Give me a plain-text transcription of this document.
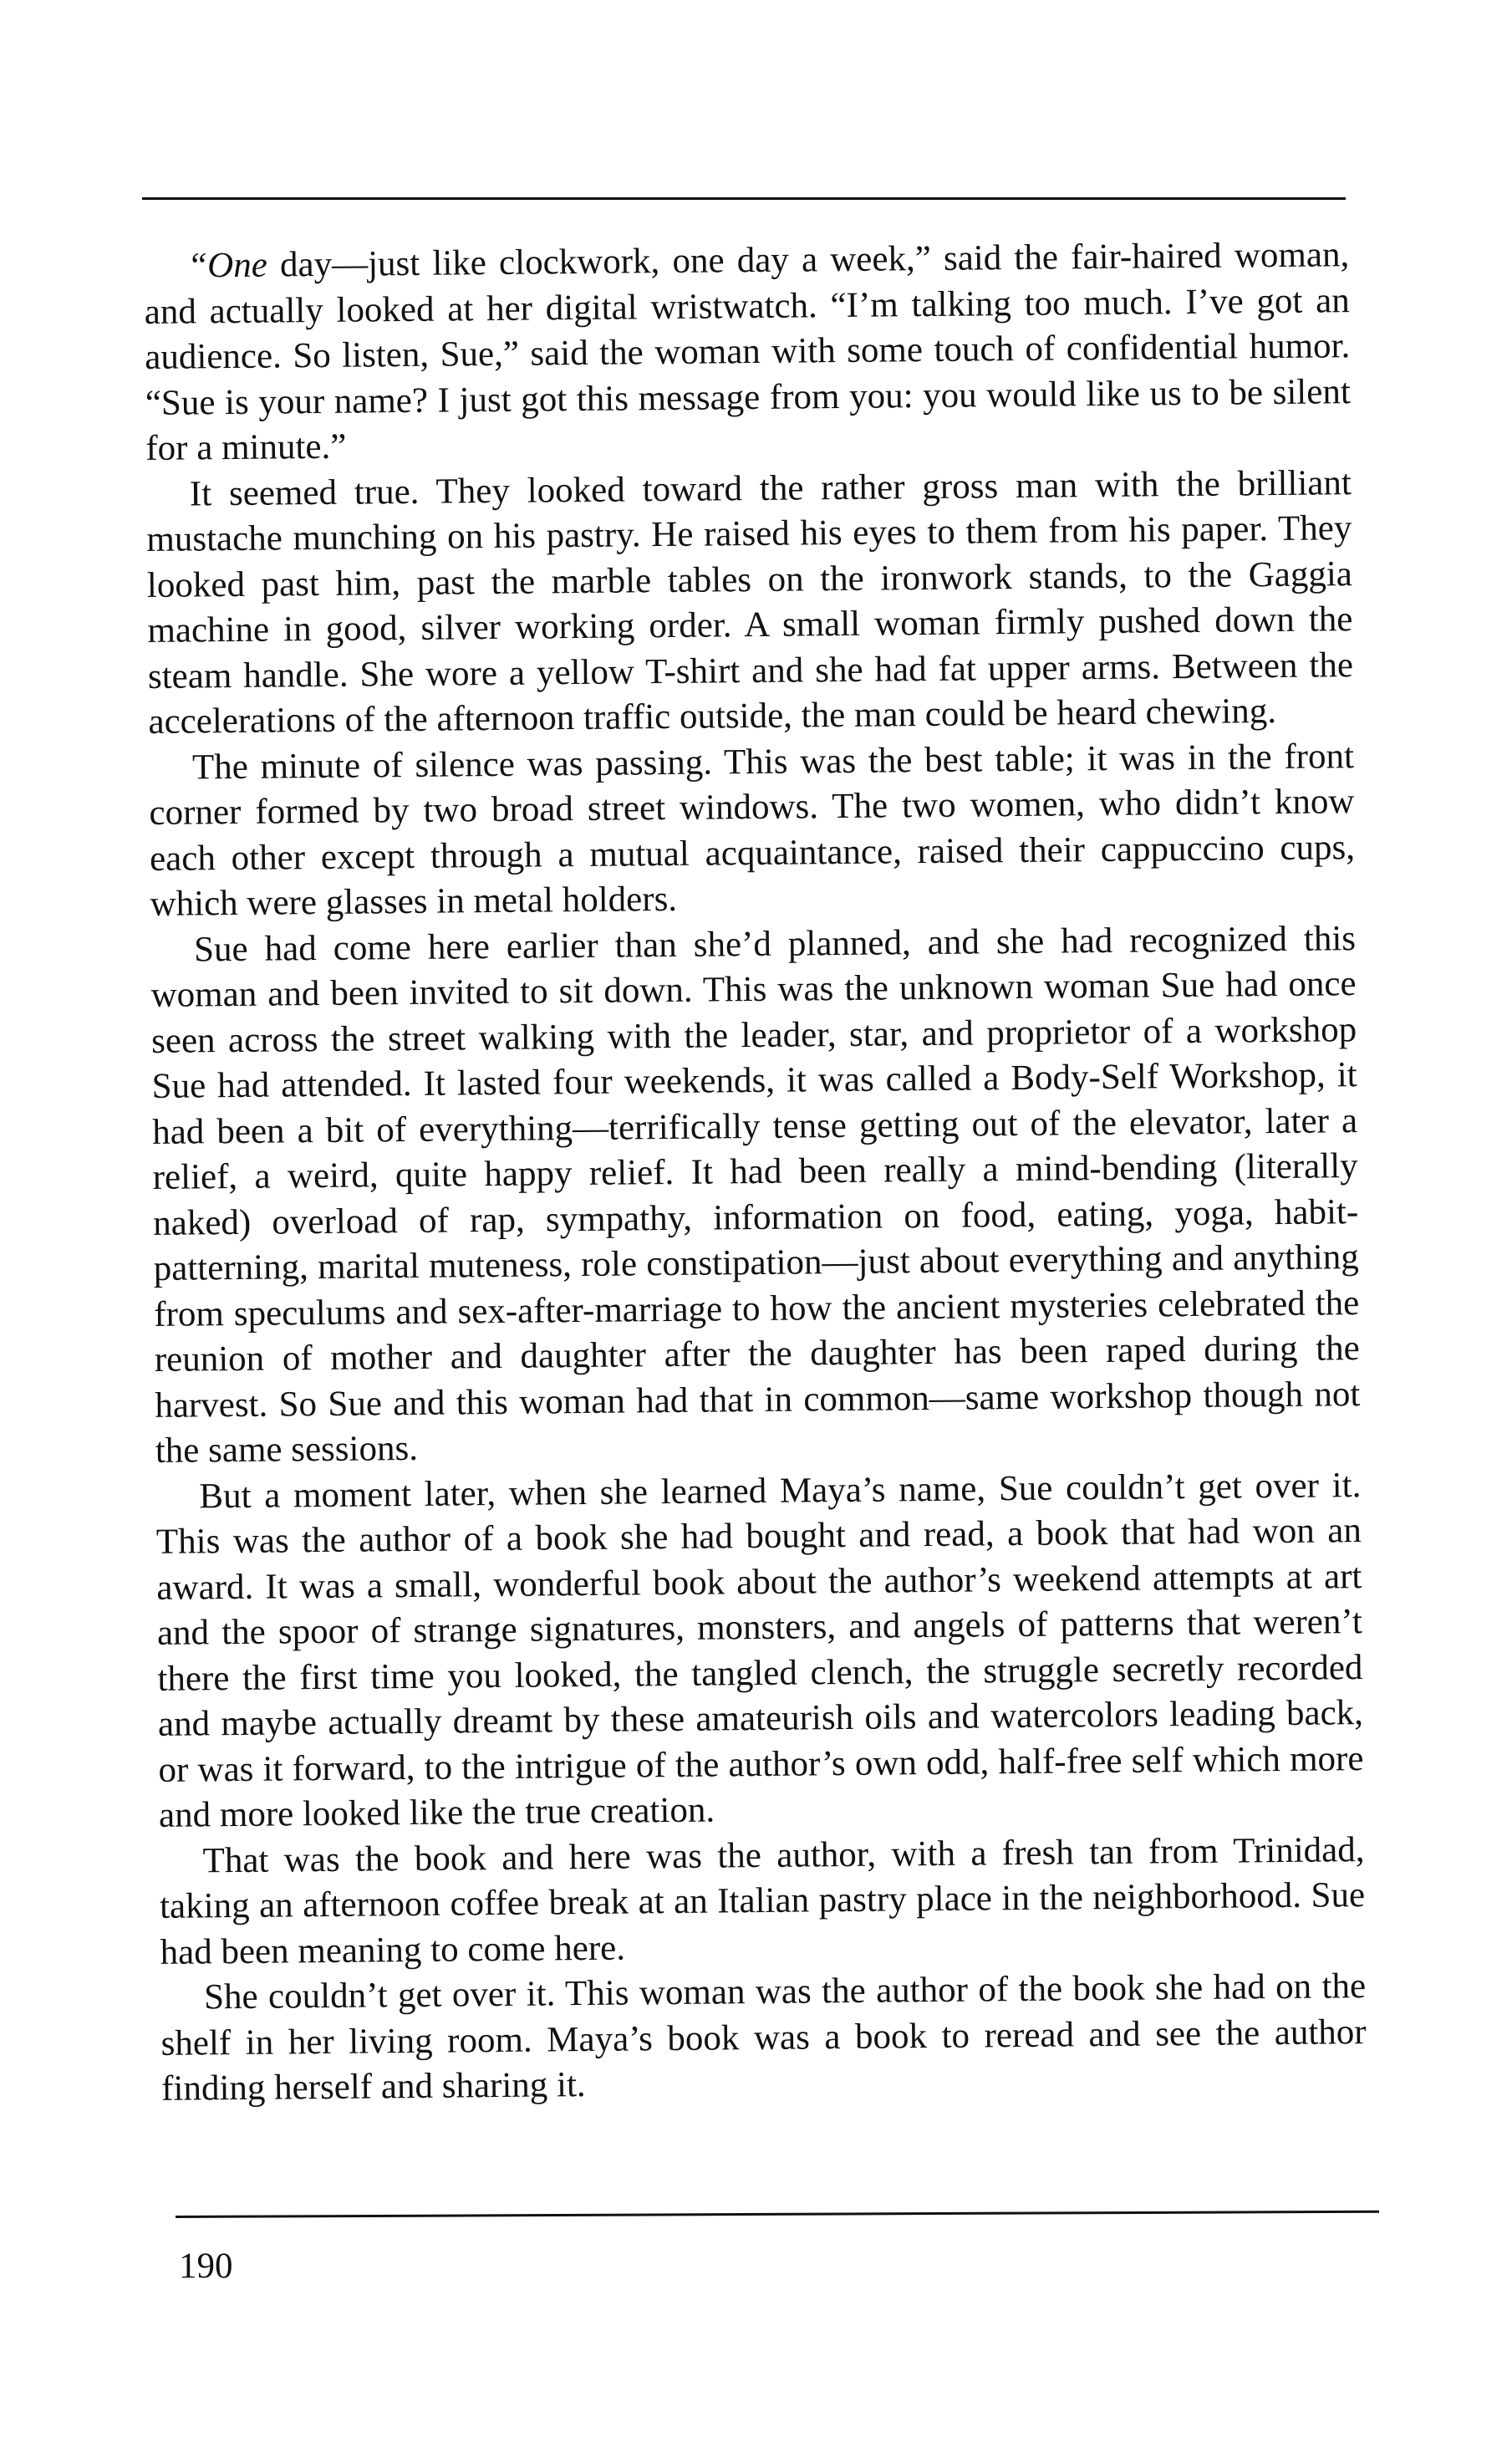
“One day—just like clockwork, one day a week,” said the fair-haired woman, and actually looked at her digital wristwatch. “I’m talking too much. I’ve got an audience. So listen, Sue,” said the woman with some touch of confidential humor. “Sue is your name? I just got this message from you: you would like us to be silent for a minute.”

It seemed true. They looked toward the rather gross man with the brilliant mustache munching on his pastry. He raised his eyes to them from his paper. They looked past him, past the marble tables on the ironwork stands, to the Gaggia machine in good, silver working order. A small woman firmly pushed down the steam handle. She wore a yellow T-shirt and she had fat upper arms. Between the accelerations of the afternoon traffic outside, the man could be heard chewing.

The minute of silence was passing. This was the best table; it was in the front corner formed by two broad street windows. The two women, who didn’t know each other except through a mutual acquaintance, raised their cappuccino cups, which were glasses in metal holders.

Sue had come here earlier than she’d planned, and she had recognized this woman and been invited to sit down. This was the unknown woman Sue had once seen across the street walking with the leader, star, and proprietor of a workshop Sue had attended. It lasted four weekends, it was called a Body-Self Workshop, it had been a bit of everything—terrifically tense getting out of the elevator, later a relief, a weird, quite happy relief. It had been really a mind-bending (literally naked) overload of rap, sympathy, information on food, eating, yoga, habit-patterning, marital muteness, role constipation—just about everything and anything from speculums and sex-after-marriage to how the ancient mysteries celebrated the reunion of mother and daughter after the daughter has been raped during the harvest. So Sue and this woman had that in common—same workshop though not the same sessions.

But a moment later, when she learned Maya’s name, Sue couldn’t get over it. This was the author of a book she had bought and read, a book that had won an award. It was a small, wonderful book about the author’s weekend attempts at art and the spoor of strange signatures, monsters, and angels of patterns that weren’t there the first time you looked, the tangled clench, the struggle secretly recorded and maybe actually dreamt by these amateurish oils and watercolors leading back, or was it forward, to the intrigue of the author’s own odd, half-free self which more and more looked like the true creation.

That was the book and here was the author, with a fresh tan from Trinidad, taking an afternoon coffee break at an Italian pastry place in the neighborhood. Sue had been meaning to come here.

She couldn’t get over it. This woman was the author of the book she had on the shelf in her living room. Maya’s book was a book to reread and see the author finding herself and sharing it.

190
